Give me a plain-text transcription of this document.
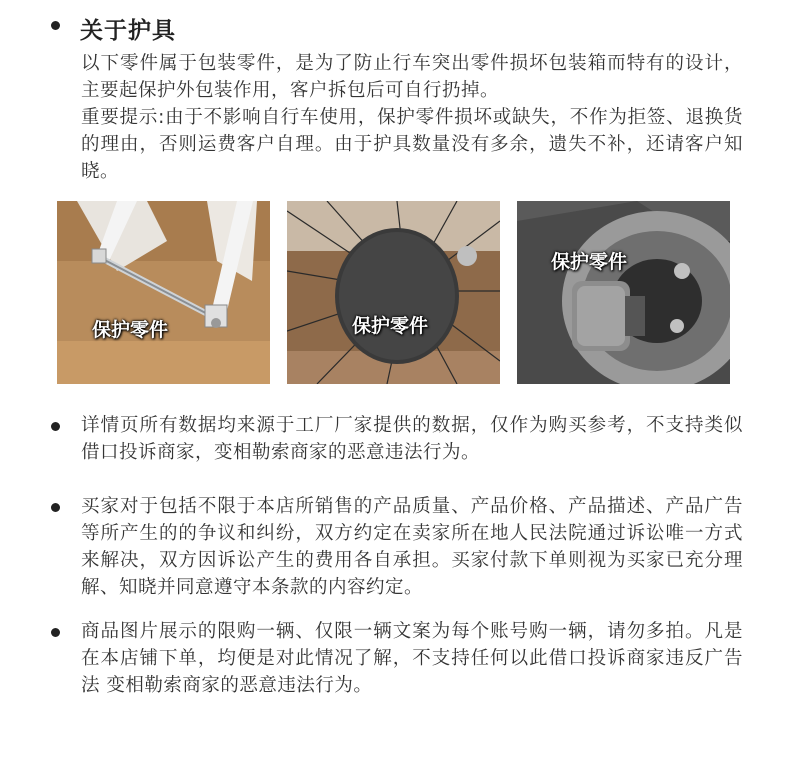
关于护具
以下零件属于包装零件，是为了防止行车突出零件损坏包装箱而特有的设计，主要起保护外包装作用，客户拆包后可自行扔掉。
重要提示:由于不影响自行车使用，保护零件损坏或缺失，不作为拒签、退换货的理由，否则运费客户自理。由于护具数量没有多余，遗失不补，还请客户知晓。
保护零件	保护零件
保护零件
详情页所有数据均来源于工厂厂家提供的数据，仅作为购买参考，不支持类似借口投诉商家，变相勒索商家的恶意违法行为。
买家对于包括不限于本店所销售的产品质量、产品价格、产品描述、产品广告等所产生的的争议和纠纷，双方约定在卖家所在地人民法院通过诉讼唯一方式来解决，双方因诉讼产生的费用各自承担。买家付款下单则视为买家已充分理解、知晓并同意遵守本条款的内容约定。
商品图片展示的限购一辆、仅限一辆文案为每个账号购一辆，请勿多拍。凡是在本店铺下单，均便是对此情况了解，不支持任何以此借口投诉商家违反广告法 变相勒索商家的恶意违法行为。
